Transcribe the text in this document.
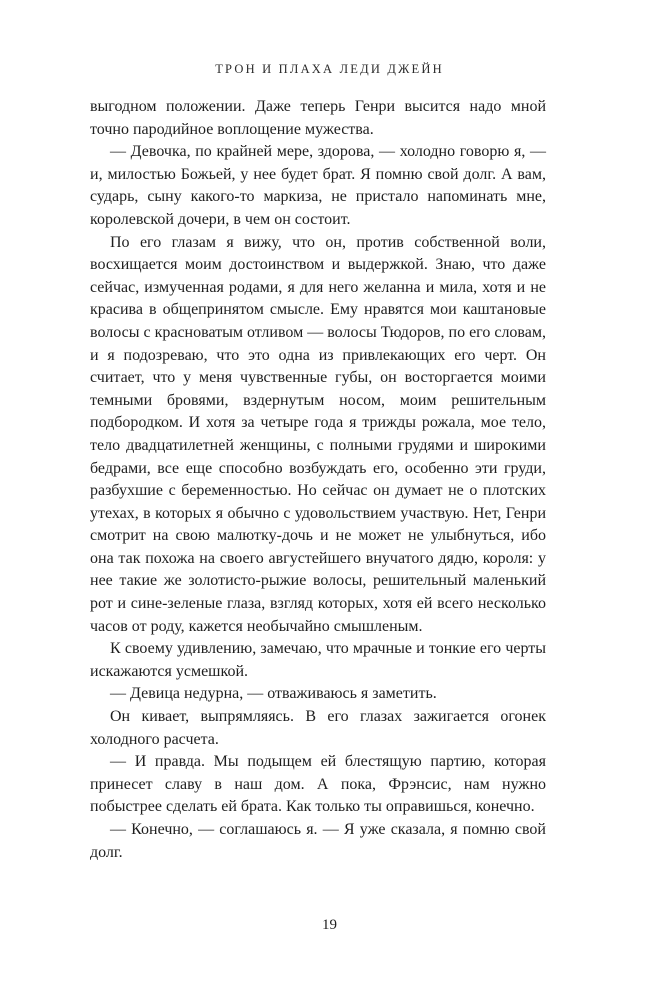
ТРОН И ПЛАХА ЛЕДИ ДЖЕЙН

выгодном положении. Даже теперь Генри высится надо мной точно пародийное воплощение мужества.

— Девочка, по крайней мере, здорова, — холодно говорю я, — и, милостью Божьей, у нее будет брат. Я помню свой долг. А вам, сударь, сыну какого-то маркиза, не пристало напоминать мне, королевской дочери, в чем он состоит.

По его глазам я вижу, что он, против собственной воли, восхищается моим достоинством и выдержкой. Знаю, что даже сейчас, измученная родами, я для него желанна и мила, хотя и не красива в общепринятом смысле. Ему нравятся мои каштановые волосы с красноватым отливом — волосы Тюдоров, по его словам, и я подозреваю, что это одна из привлекающих его черт. Он считает, что у меня чувственные губы, он восторгается моими темными бровями, вздернутым носом, моим решительным подбородком. И хотя за четыре года я трижды рожала, мое тело, тело двадцатилетней женщины, с полными грудями и широкими бедрами, все еще способно возбуждать его, особенно эти груди, разбухшие с беременностью. Но сейчас он думает не о плотских утехах, в которых я обычно с удовольствием участвую. Нет, Генри смотрит на свою малютку-дочь и не может не улыбнуться, ибо она так похожа на своего августейшего внучатого дядю, короля: у нее такие же золотисто-рыжие волосы, решительный маленький рот и сине-зеленые глаза, взгляд которых, хотя ей всего несколько часов от роду, кажется необычайно смышленым.

К своему удивлению, замечаю, что мрачные и тонкие его черты искажаются усмешкой.

— Девица недурна, — отваживаюсь я заметить.

Он кивает, выпрямляясь. В его глазах зажигается огонек холодного расчета.

— И правда. Мы подыщем ей блестящую партию, которая принесет славу в наш дом. А пока, Фрэнсис, нам нужно побыстрее сделать ей брата. Как только ты оправишься, конечно.

— Конечно, — соглашаюсь я. — Я уже сказала, я помню свой долг.

19
